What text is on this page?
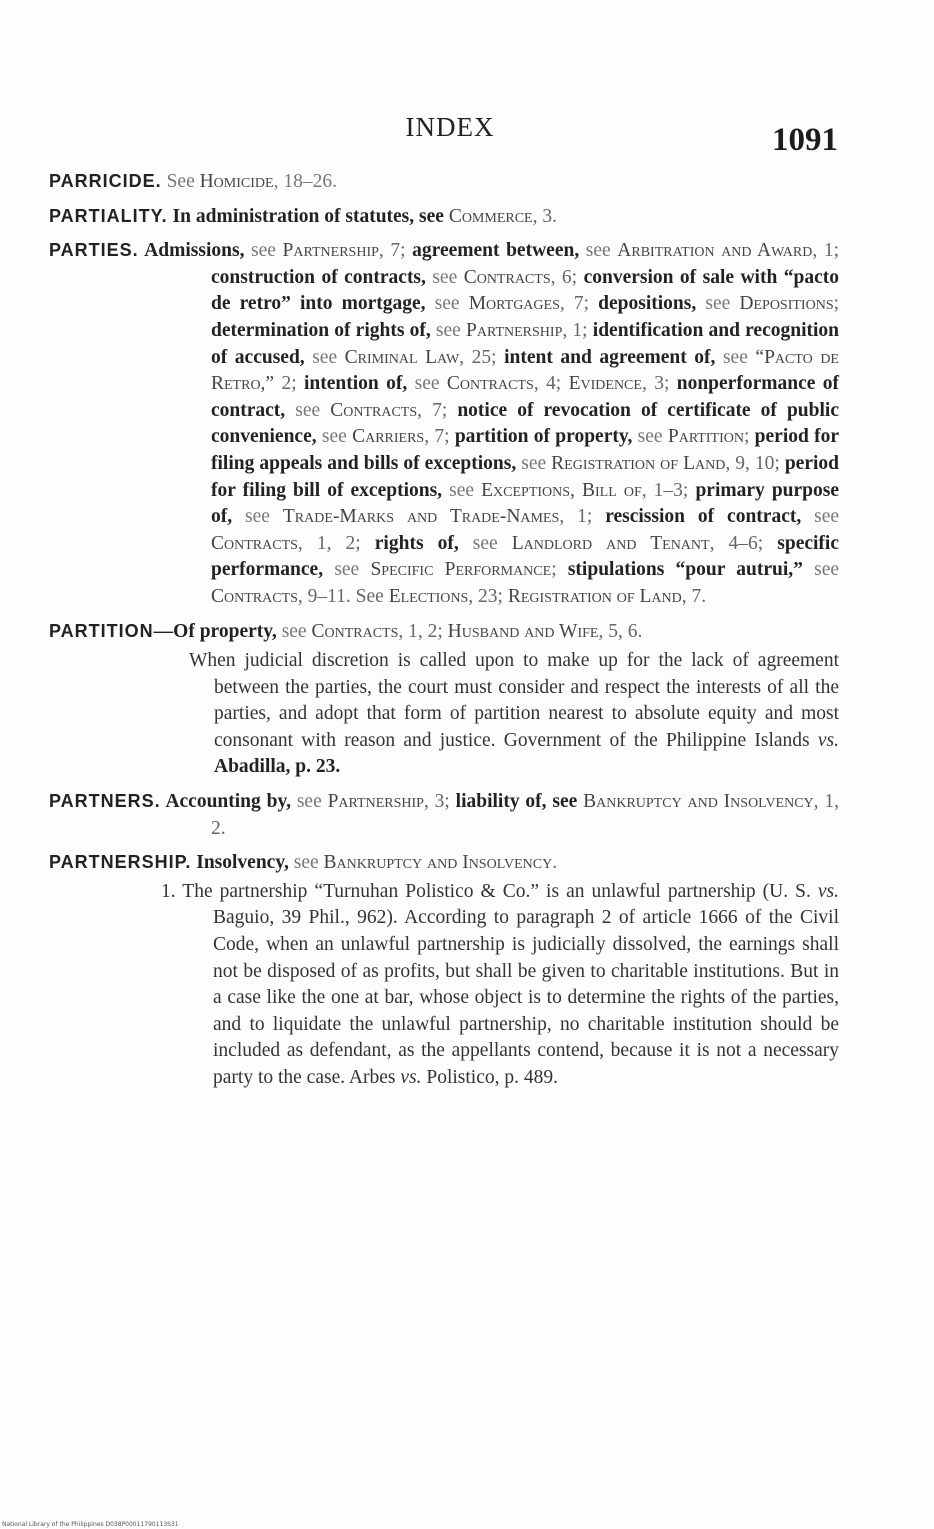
INDEX	1091

PARRICIDE. See Homicide, 18–26.

PARTIALITY. In administration of statutes, see Commerce, 3.

PARTIES. Admissions, see Partnership, 7; agreement between, see Arbitration and Award, 1; construction of contracts, see Contracts, 6; conversion of sale with “pacto de retro” into mortgage, see Mortgages, 7; depositions, see Depositions; determination of rights of, see Partnership, 1; identification and recognition of accused, see Criminal Law, 25; intent and agreement of, see “Pacto de Retro,” 2; intention of, see Contracts, 4; Evidence, 3; nonperformance of contract, see Contracts, 7; notice of revocation of certificate of public convenience, see Carriers, 7; partition of property, see Partition; period for filing appeals and bills of exceptions, see Registration of Land, 9, 10; period for filing bill of exceptions, see Exceptions, Bill of, 1–3; primary purpose of, see Trade-Marks and Trade-Names, 1; rescission of contract, see Contracts, 1, 2; rights of, see Landlord and Tenant, 4–6; specific performance, see Specific Performance; stipulations “pour autrui,” see Contracts, 9–11. See Elections, 23; Registration of Land, 7.

PARTITION—Of property, see Contracts, 1, 2; Husband and Wife, 5, 6.

When judicial discretion is called upon to make up for the lack of agreement between the parties, the court must consider and respect the interests of all the parties, and adopt that form of partition nearest to absolute equity and most consonant with reason and justice. Government of the Philippine Islands vs. Abadilla, p. 23.

PARTNERS. Accounting by, see Partnership, 3; liability of, see Bankruptcy and Insolvency, 1, 2.

PARTNERSHIP. Insolvency, see Bankruptcy and Insolvency.

1. The partnership “Turnuhan Polistico & Co.” is an unlawful partnership (U. S. vs. Baguio, 39 Phil., 962). According to paragraph 2 of article 1666 of the Civil Code, when an unlawful partnership is judicially dissolved, the earnings shall not be disposed of as profits, but shall be given to charitable institutions. But in a case like the one at bar, whose object is to determine the rights of the parties, and to liquidate the unlawful partnership, no charitable institution should be included as defendant, as the appellants contend, because it is not a necessary party to the case. Arbes vs. Polistico, p. 489.

National Library of the Philippines D038P00011790113S31
